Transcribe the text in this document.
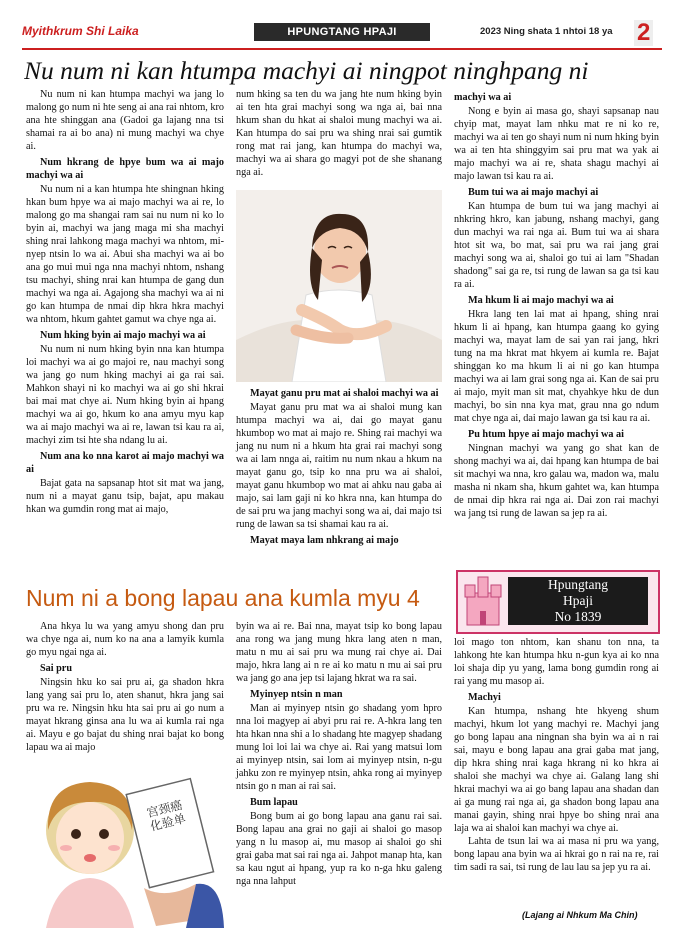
Myithkrum Shi Laika	HPUNGTANG HPAJI	2023 Ning shata 1 nhtoi 18 ya 2
Nu num ni kan htumpa machyi ai ningpot ninghpang ni

Nu num ni kan htumpa machyi wa jang lo malong go num ni hte seng ai ana rai nhtom, kro ana hte shinggan ana (Gadoi ga lajang nna tsi shamai ra ai bo ana) ni mung machyi wa chye ai.

Num hkrang de hpye bum wa ai majo machyi wa ai

Nu num ni a kan htumpa hte shingnan hking hkan bum hpye wa ai majo machyi wa ai re, lo malong go ma shangai ram sai nu num ni ko lo byin ai, machyi wa jang maga mi sha machyi shing nrai lahkong maga machyi wa nhtom, mi-nyep ntsin lo wa ai. Abui sha machyi wa ai bo ana go mui mui nga nna machyi nhtom, nshang tsu machyi, shing nrai kan htumpa de gang dun machyi wa nga ai. Agajong sha machyi wa ai ni go kan htumpa de nmai dip hkra hkra machyi wa nhtom, hkum gahtet gamut wa chye nga ai.

Num hking byin ai majo machyi wa ai

Nu num ni num hking byin nna kan htumpa loi machyi wa ai go majoi re, nau machyi song wa jang go num hking machyi ai ga rai sai. Mahkon shayi ni ko machyi wa ai go shi hkrai bai mai mat chye ai. Num hking byin ai hpang machyi wa ai go, hkum ko ana amyu myu kap wa ai majo machyi wa ai re, lawan tsi kau ra ai, machyi zim tsi hte sha ndang lu ai.

Num ana ko nna karot ai majo machyi wa ai

Bajat gata na sapsanap htot sit mat wa jang, num ni a mayat ganu tsip, bajat, apu makau hkan wa gumdin rong mat ai majo,

num hking sa ten du wa jang hte num hking byin ai ten hta grai machyi song wa nga ai, bai nna hkum shan du hkat ai shaloi mung machyi wa ai. Kan htumpa do sai pru wa shing nrai sai gumtik rong mat rai jang, kan htumpa do machyi wa, machyi wa ai shara go magyi pot de she shanang nga ai.

Mayat ganu pru mat ai shaloi machyi wa ai

Mayat ganu pru mat wa ai shaloi mung kan htumpa machyi wa ai, dai go mayat ganu hkumbop wo mat ai majo re. Shing rai machyi wa jang nu num ni a hkum hta grai rai machyi song wa ai lam nnga ai, raitim nu num nkau a hkum na mayat ganu go, tsip ko nna pru wa ai shaloi, mayat ganu hkumbop wo mat ai ahku nau gaba ai majo, sai lam gaji ni ko hkra nna, kan htumpa do de sai pru wa jang machyi song wa ai, dai majo tsi rung de lawan sa tsi shamai kau ra ai.

Mayat maya lam nhkrang ai majo
machyi wa ai

Nong e byin ai masa go, shayi sapsanap nau chyip mat, mayat lam nhku mat re ni ko re, machyi wa ai ten go shayi num ni num hking byin wa ai ten hta shinggyim sai pru mat wa yak ai majo machyi wa ai re, shata shagu machyi ai majo lawan tsi kau ra ai.

Bum tui wa ai majo machyi ai

Kan htumpa de bum tui wa jang machyi ai nhkring hkro, kan jabung, nshang machyi, gang dun machyi wa rai nga ai. Bum tui wa ai shara htot sit wa, bo mat, sai pru wa rai jang grai machyi song wa ai, shaloi go tui ai lam "Shadan shadong" sai ga re, tsi rung de lawan sa ga tsi kau ra ai.

Ma hkum li ai majo machyi wa ai

Hkra lang ten lai mat ai hpang, shing nrai hkum li ai hpang, kan htumpa gaang ko gying machyi wa, mayat lam de sai yan rai jang, hkri tung na ma hkrat mat hkyem ai kumla re. Bajat shinggan ko ma hkum li ai ni go kan htumpa machyi wa ai lam grai song nga ai. Kan de sai pru ai majo, myit man sit mat, chyahkye hku de dun machyi, bo sin nna kya mat, grau nna go ndum mat chye nga ai, dai majo lawan ga tsi kau ra ai.

Pu htum hpye ai majo machyi wa ai

Ningnan machyi wa yang go shat kan de shong machyi wa ai, dai hpang kan htumpa de bai sit machyi wa nna, kro galau wa, madon wa, malu masha ni nkam sha, hkum gahtet wa, kan htumpa de nmai dip hkra rai nga ai. Dai zon rai machyi wa jang tsi rung de lawan sa jep ra ai.

Num ni a bong lapau ana kumla myu 4

Ana hkya lu wa yang amyu shong dan pru wa chye nga ai, num ko na ana a lamyik kumla go myu ngai nga ai.

Sai pru

Ningsin hku ko sai pru ai, ga shadon hkra lang yang sai pru lo, aten shanut, hkra jang sai pru wa re. Ningsin hku hta sai pru ai go num a mayat hkrang ginsa ana lu wa ai kumla rai nga ai. Mayu e go bajat du shing nrai bajat ko bong lapau wa ai majo

宫颈癌
化验单

byin wa ai re. Bai nna, mayat tsip ko bong lapau ana rong wa jang mung hkra lang aten n man, matu n mu ai sai pru wa mung rai chye ai. Dai majo, hkra lang ai n re ai ko matu n mu ai sai pru wa jang go ana jep tsi lajang hkrat wa ra sai.

Myinyep ntsin n man

Man ai myinyep ntsin go shadang yom hpro nna loi magyep ai abyi pru rai re. A-hkra lang ten hta hkan nna shi a lo shadang hte magyep shadang mung loi loi lai wa chye ai. Rai yang matsui lom ai myinyep ntsin, sai lom ai myinyep ntsin, n-gu jahku zon re myinyep ntsin, ahka rong ai myinyep ntsin go n man ai rai sai.

Bum lapau

Bong bum ai go bong lapau ana ganu rai sai. Bong lapau ana grai no gaji ai shaloi go masop yang n lu masop ai, mu masop ai shaloi go shi grai gaba mat sai rai nga ai. Jahpot manap hta, kan sa kau ngut ai hpang, yup ra ko n-ga hku galeng nga nna lahput

Hpungtang
Hpaji
No 1839

loi mago ton nhtom, kan shanu ton nna, ta lahkong hte kan htumpa hku n-gun kya ai ko nna loi shaja dip yu yang, lama bong gumdin rong ai rai yang mu masop ai.

Machyi

Kan htumpa, nshang hte hkyeng shum machyi, hkum lot yang machyi re. Machyi jang go bong lapau ana ningnan sha byin wa ai n rai sai, mayu e bong lapau ana grai gaba mat jang, dip hkra shing nrai kaga hkrang ni ko hkra ai shaloi she machyi wa chye ai. Galang lang shi hkrai machyi wa ai go bang lapau ana shadan dan ai ga mung rai nga ai, ga shadon bong lapau ana manai gayin, shing nrai hpye bo shing nrai ana laja wa ai shaloi kan machyi wa chye ai.

Lahta de tsun lai wa ai masa ni pru wa yang, bong lapau ana byin wa ai hkrai go n rai na re, rai tim sadi ra sai, tsi rung de lau lau sa jep yu ra ai.

(Lajang ai Nhkum Ma Chin)
